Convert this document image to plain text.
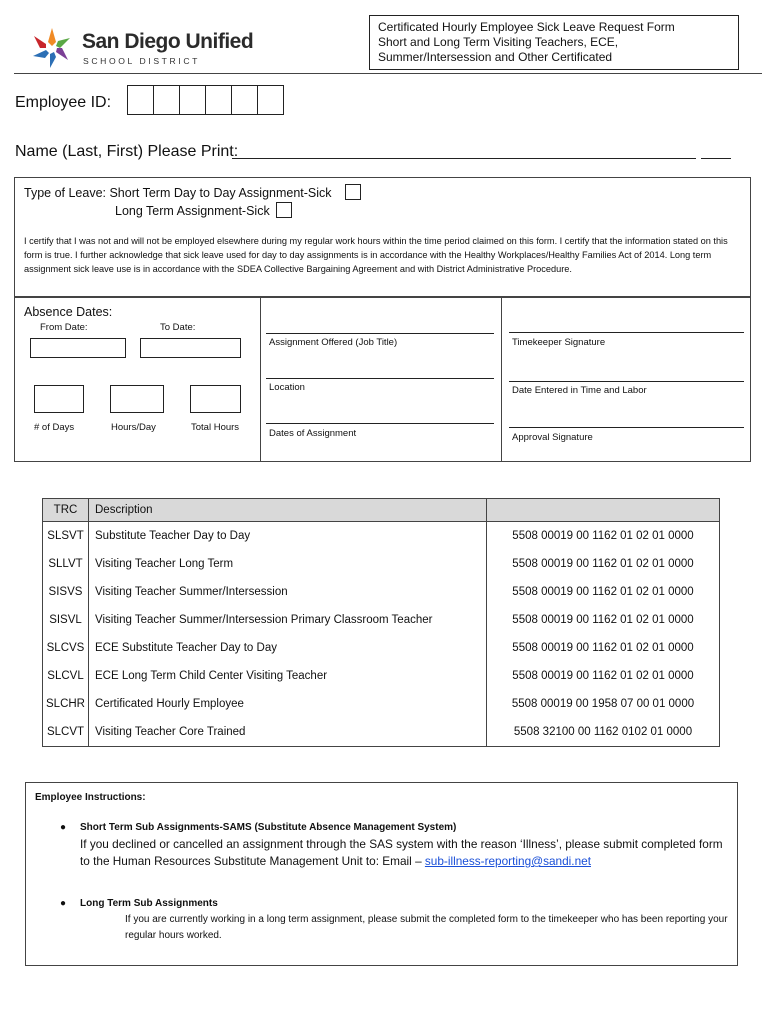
San Diego Unified
SCHOOL DISTRICT
Certificated Hourly Employee Sick Leave Request Form
Short and Long Term Visiting Teachers, ECE,
Summer/Intersession and Other Certificated
Employee ID:
Name (Last, First) Please Print:
Type of Leave: Short Term Day to Day Assignment-Sick
Long Term Assignment-Sick
I certify that I was not and will not be employed elsewhere during my regular work hours within the time period claimed on this form. I certify that the information stated on this form is true. I further acknowledge that sick leave used for day to day assignments is in accordance with the Healthy Workplaces/Healthy Families Act of 2014. Long term assignment sick leave use is in accordance with the SDEA Collective Bargaining Agreement and with District Administrative Procedure.
Absence Dates:
From Date:	To Date:
# of Days	Hours/Day	Total Hours
Assignment Offered (Job Title)
Location
Dates of Assignment
Timekeeper Signature
Date Entered in Time and Labor
Approval Signature
TRC	Description	
SLSVT	Substitute Teacher Day to Day	5508 00019 00 1162 01 02 01 0000
SLLVT	Visiting Teacher Long Term	5508 00019 00 1162 01 02 01 0000
SISVS	Visiting Teacher Summer/Intersession	5508 00019 00 1162 01 02 01 0000
SISVL	Visiting Teacher Summer/Intersession Primary Classroom Teacher	5508 00019 00 1162 01 02 01 0000
SLCVS	ECE Substitute Teacher Day to Day	5508 00019 00 1162 01 02 01 0000
SLCVL	ECE Long Term Child Center Visiting Teacher	5508 00019 00 1162 01 02 01 0000
SLCHR	Certificated Hourly Employee	5508 00019 00 1958 07 00 01 0000
SLCVT	Visiting Teacher Core Trained	5508 32100 00 1162 0102 01 0000
Employee Instructions:
● Short Term Sub Assignments-SAMS (Substitute Absence Management System)
If you declined or cancelled an assignment through the SAS system with the reason ‘Illness’, please submit completed form to the Human Resources Substitute Management Unit to: Email – sub-illness-reporting@sandi.net
● Long Term Sub Assignments
If you are currently working in a long term assignment, please submit the completed form to the timekeeper who has been reporting your regular hours worked.
